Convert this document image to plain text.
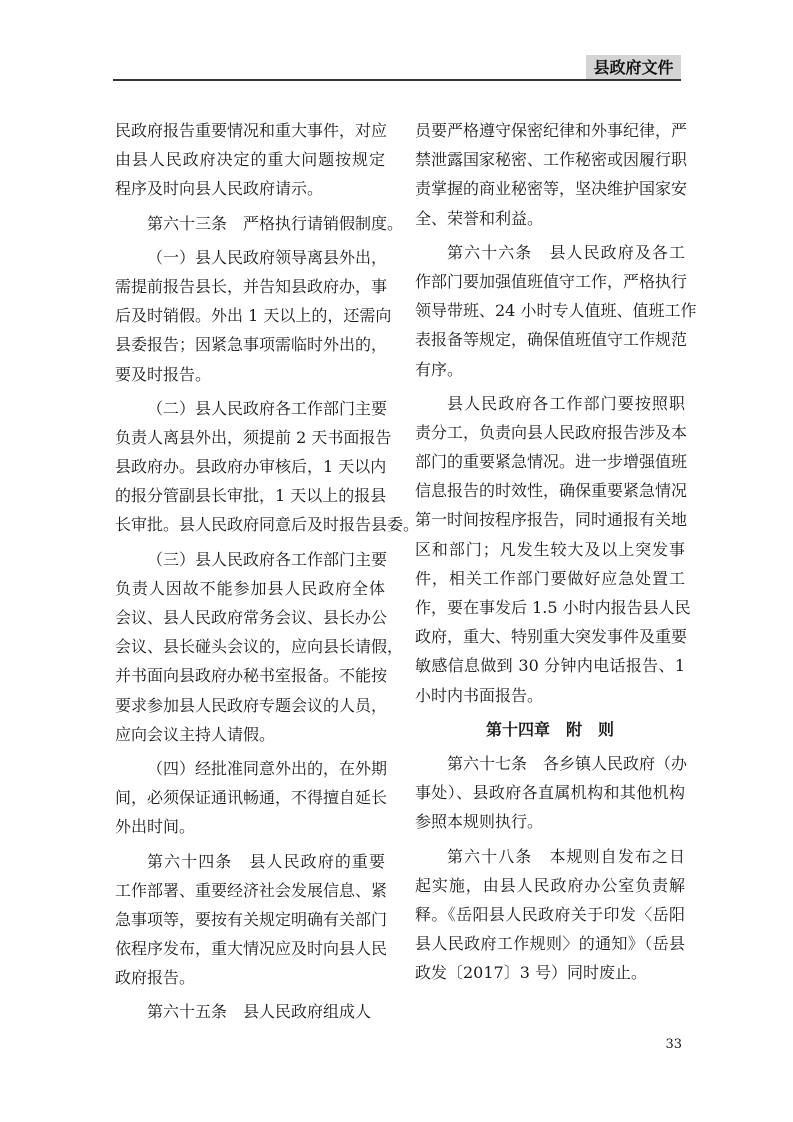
县政府文件
民政府报告重要情况和重大事件，对应
由县人民政府决定的重大问题按规定
程序及时向县人民政府请示。
第六十三条　严格执行请销假制度。
（一）县人民政府领导离县外出，
需提前报告县长，并告知县政府办，事
后及时销假。外出 1 天以上的，还需向
县委报告；因紧急事项需临时外出的，
要及时报告。
（二）县人民政府各工作部门主要
负责人离县外出，须提前 2 天书面报告
县政府办。县政府办审核后，1 天以内
的报分管副县长审批，1 天以上的报县
长审批。县人民政府同意后及时报告县委。
（三）县人民政府各工作部门主要
负责人因故不能参加县人民政府全体
会议、县人民政府常务会议、县长办公
会议、县长碰头会议的，应向县长请假，
并书面向县政府办秘书室报备。不能按
要求参加县人民政府专题会议的人员，
应向会议主持人请假。
（四）经批准同意外出的，在外期
间，必须保证通讯畅通，不得擅自延长
外出时间。
第六十四条　县人民政府的重要
工作部署、重要经济社会发展信息、紧
急事项等，要按有关规定明确有关部门
依程序发布，重大情况应及时向县人民
政府报告。
第六十五条　县人民政府组成人
员要严格遵守保密纪律和外事纪律，严
禁泄露国家秘密、工作秘密或因履行职
责掌握的商业秘密等，坚决维护国家安
全、荣誉和利益。
第六十六条　县人民政府及各工
作部门要加强值班值守工作，严格执行
领导带班、24 小时专人值班、值班工作
表报备等规定，确保值班值守工作规范
有序。
县人民政府各工作部门要按照职
责分工，负责向县人民政府报告涉及本
部门的重要紧急情况。进一步增强值班
信息报告的时效性，确保重要紧急情况
第一时间按程序报告，同时通报有关地
区和部门；凡发生较大及以上突发事
件，相关工作部门要做好应急处置工
作，要在事发后 1.5 小时内报告县人民
政府，重大、特别重大突发事件及重要
敏感信息做到 30 分钟内电话报告、1
小时内书面报告。
第十四章　附　则
第六十七条　各乡镇人民政府（办
事处）、县政府各直属机构和其他机构
参照本规则执行。
第六十八条　本规则自发布之日
起实施，由县人民政府办公室负责解
释。《岳阳县人民政府关于印发〈岳阳
县人民政府工作规则〉的通知》（岳县
政发〔2017〕3 号）同时废止。
33
